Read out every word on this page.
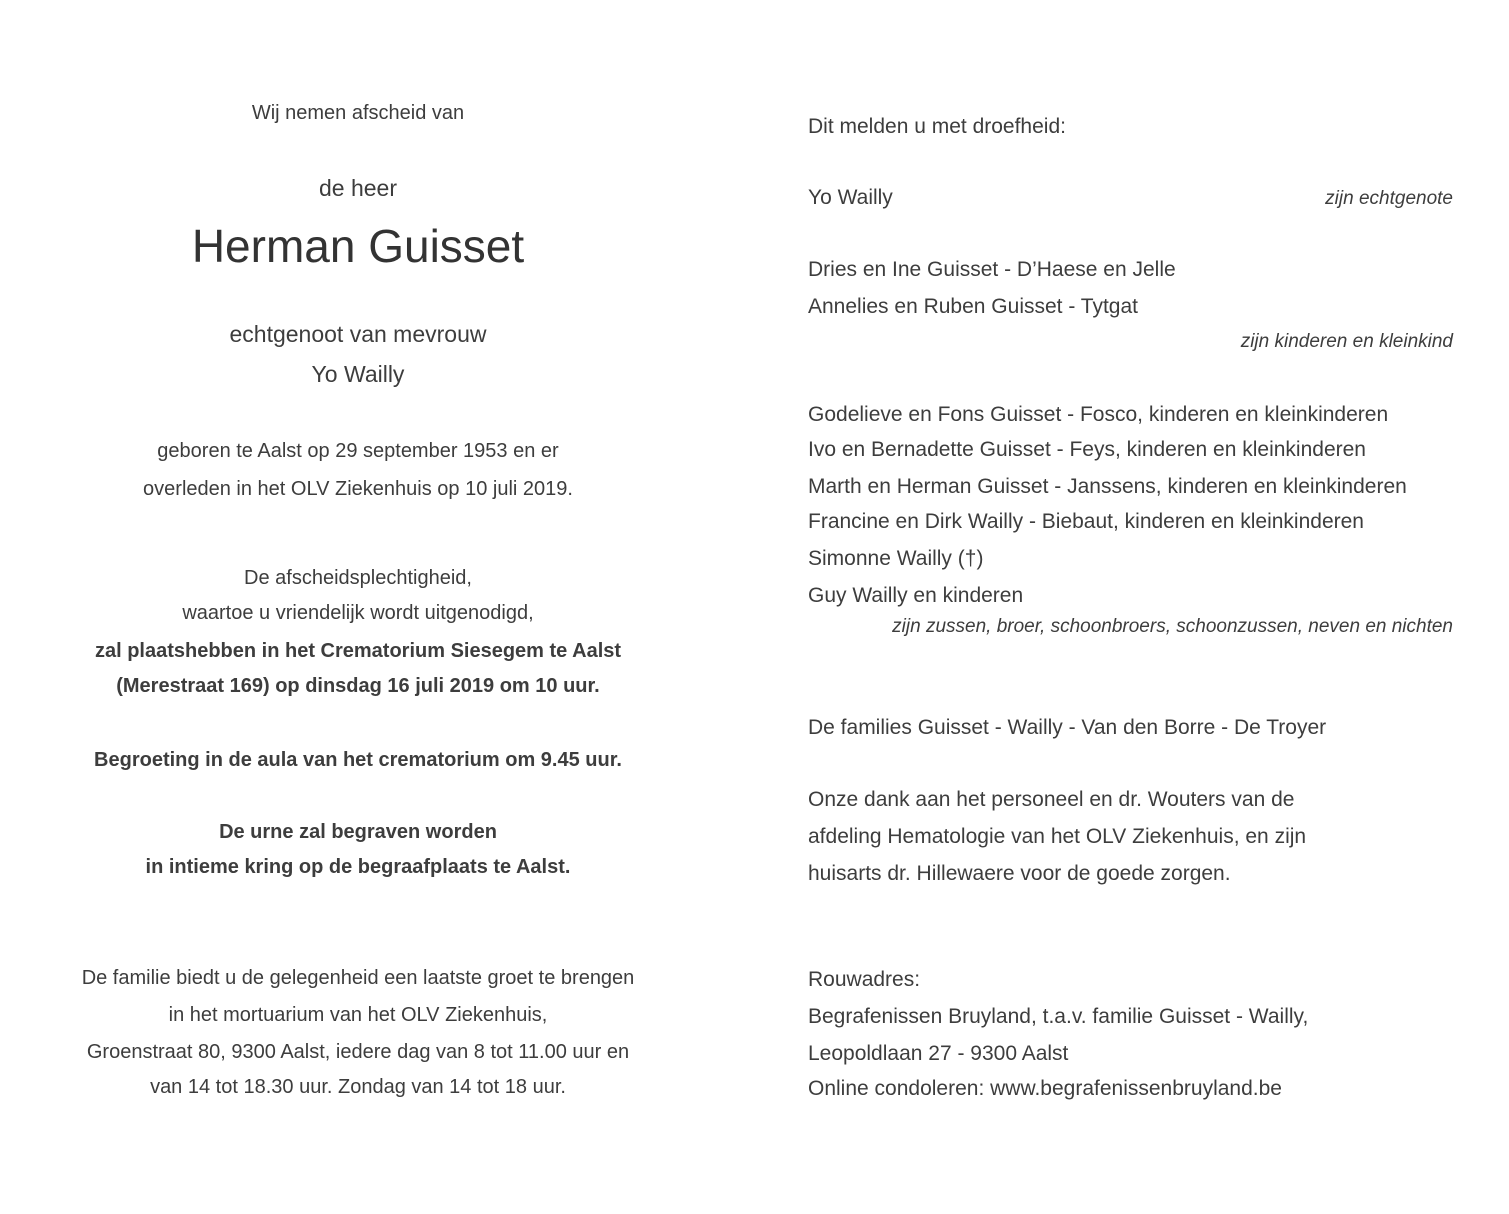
Wij nemen afscheid van
de heer
Herman Guisset
echtgenoot van mevrouw
Yo Wailly
geboren te Aalst op 29 september 1953 en er
overleden in het OLV Ziekenhuis op 10 juli 2019.
De afscheidsplechtigheid,
waartoe u vriendelijk wordt uitgenodigd,
zal plaatshebben in het Crematorium Siesegem te Aalst
(Merestraat 169) op dinsdag 16 juli 2019 om 10 uur.
Begroeting in de aula van het crematorium om 9.45 uur.
De urne zal begraven worden
in intieme kring op de begraafplaats te Aalst.
De familie biedt u de gelegenheid een laatste groet te brengen
in het mortuarium van het OLV Ziekenhuis,
Groenstraat 80, 9300 Aalst, iedere dag van 8 tot 11.00 uur en
van 14 tot 18.30 uur. Zondag van 14 tot 18 uur.
Dit melden u met droefheid:
Yo Wailly	zijn echtgenote
Dries en Ine Guisset - D’Haese en Jelle
Annelies en Ruben Guisset - Tytgat
zijn kinderen en kleinkind
Godelieve en Fons Guisset - Fosco, kinderen en kleinkinderen
Ivo en Bernadette Guisset - Feys, kinderen en kleinkinderen
Marth en Herman Guisset - Janssens, kinderen en kleinkinderen
Francine en Dirk Wailly - Biebaut, kinderen en kleinkinderen
Simonne Wailly (†)
Guy Wailly en kinderen
zijn zussen, broer, schoonbroers, schoonzussen, neven en nichten
De families Guisset - Wailly - Van den Borre - De Troyer
Onze dank aan het personeel en dr. Wouters van de
afdeling Hematologie van het OLV Ziekenhuis, en zijn
huisarts dr. Hillewaere voor de goede zorgen.
Rouwadres:
Begrafenissen Bruyland, t.a.v. familie Guisset - Wailly,
Leopoldlaan 27 - 9300 Aalst
Online condoleren: www.begrafenissenbruyland.be
